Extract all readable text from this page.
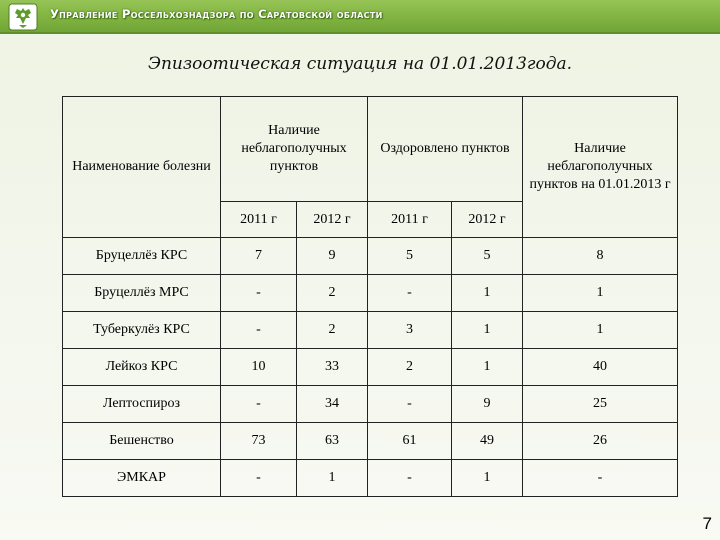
Управление Россельхознадзора по Саратовской области
Эпизоотическая ситуация на 01.01.2013года.
Наименование болезни	Наличие неблагополучных пунктов		Оздоровлено пунктов		Наличие неблагополучных пунктов на 01.01.2013 г
	2011 г	2012 г	2011 г	2012 г	
Бруцеллёз КРС	7	9	5	5	8
Бруцеллёз МРС	-	2	-	1	1
Туберкулёз КРС	-	2	3	1	1
Лейкоз КРС	10	33	2	1	40
Лептоспироз	-	34	-	9	25
Бешенство	73	63	61	49	26
ЭМКАР	-	1	-	1	-
7
